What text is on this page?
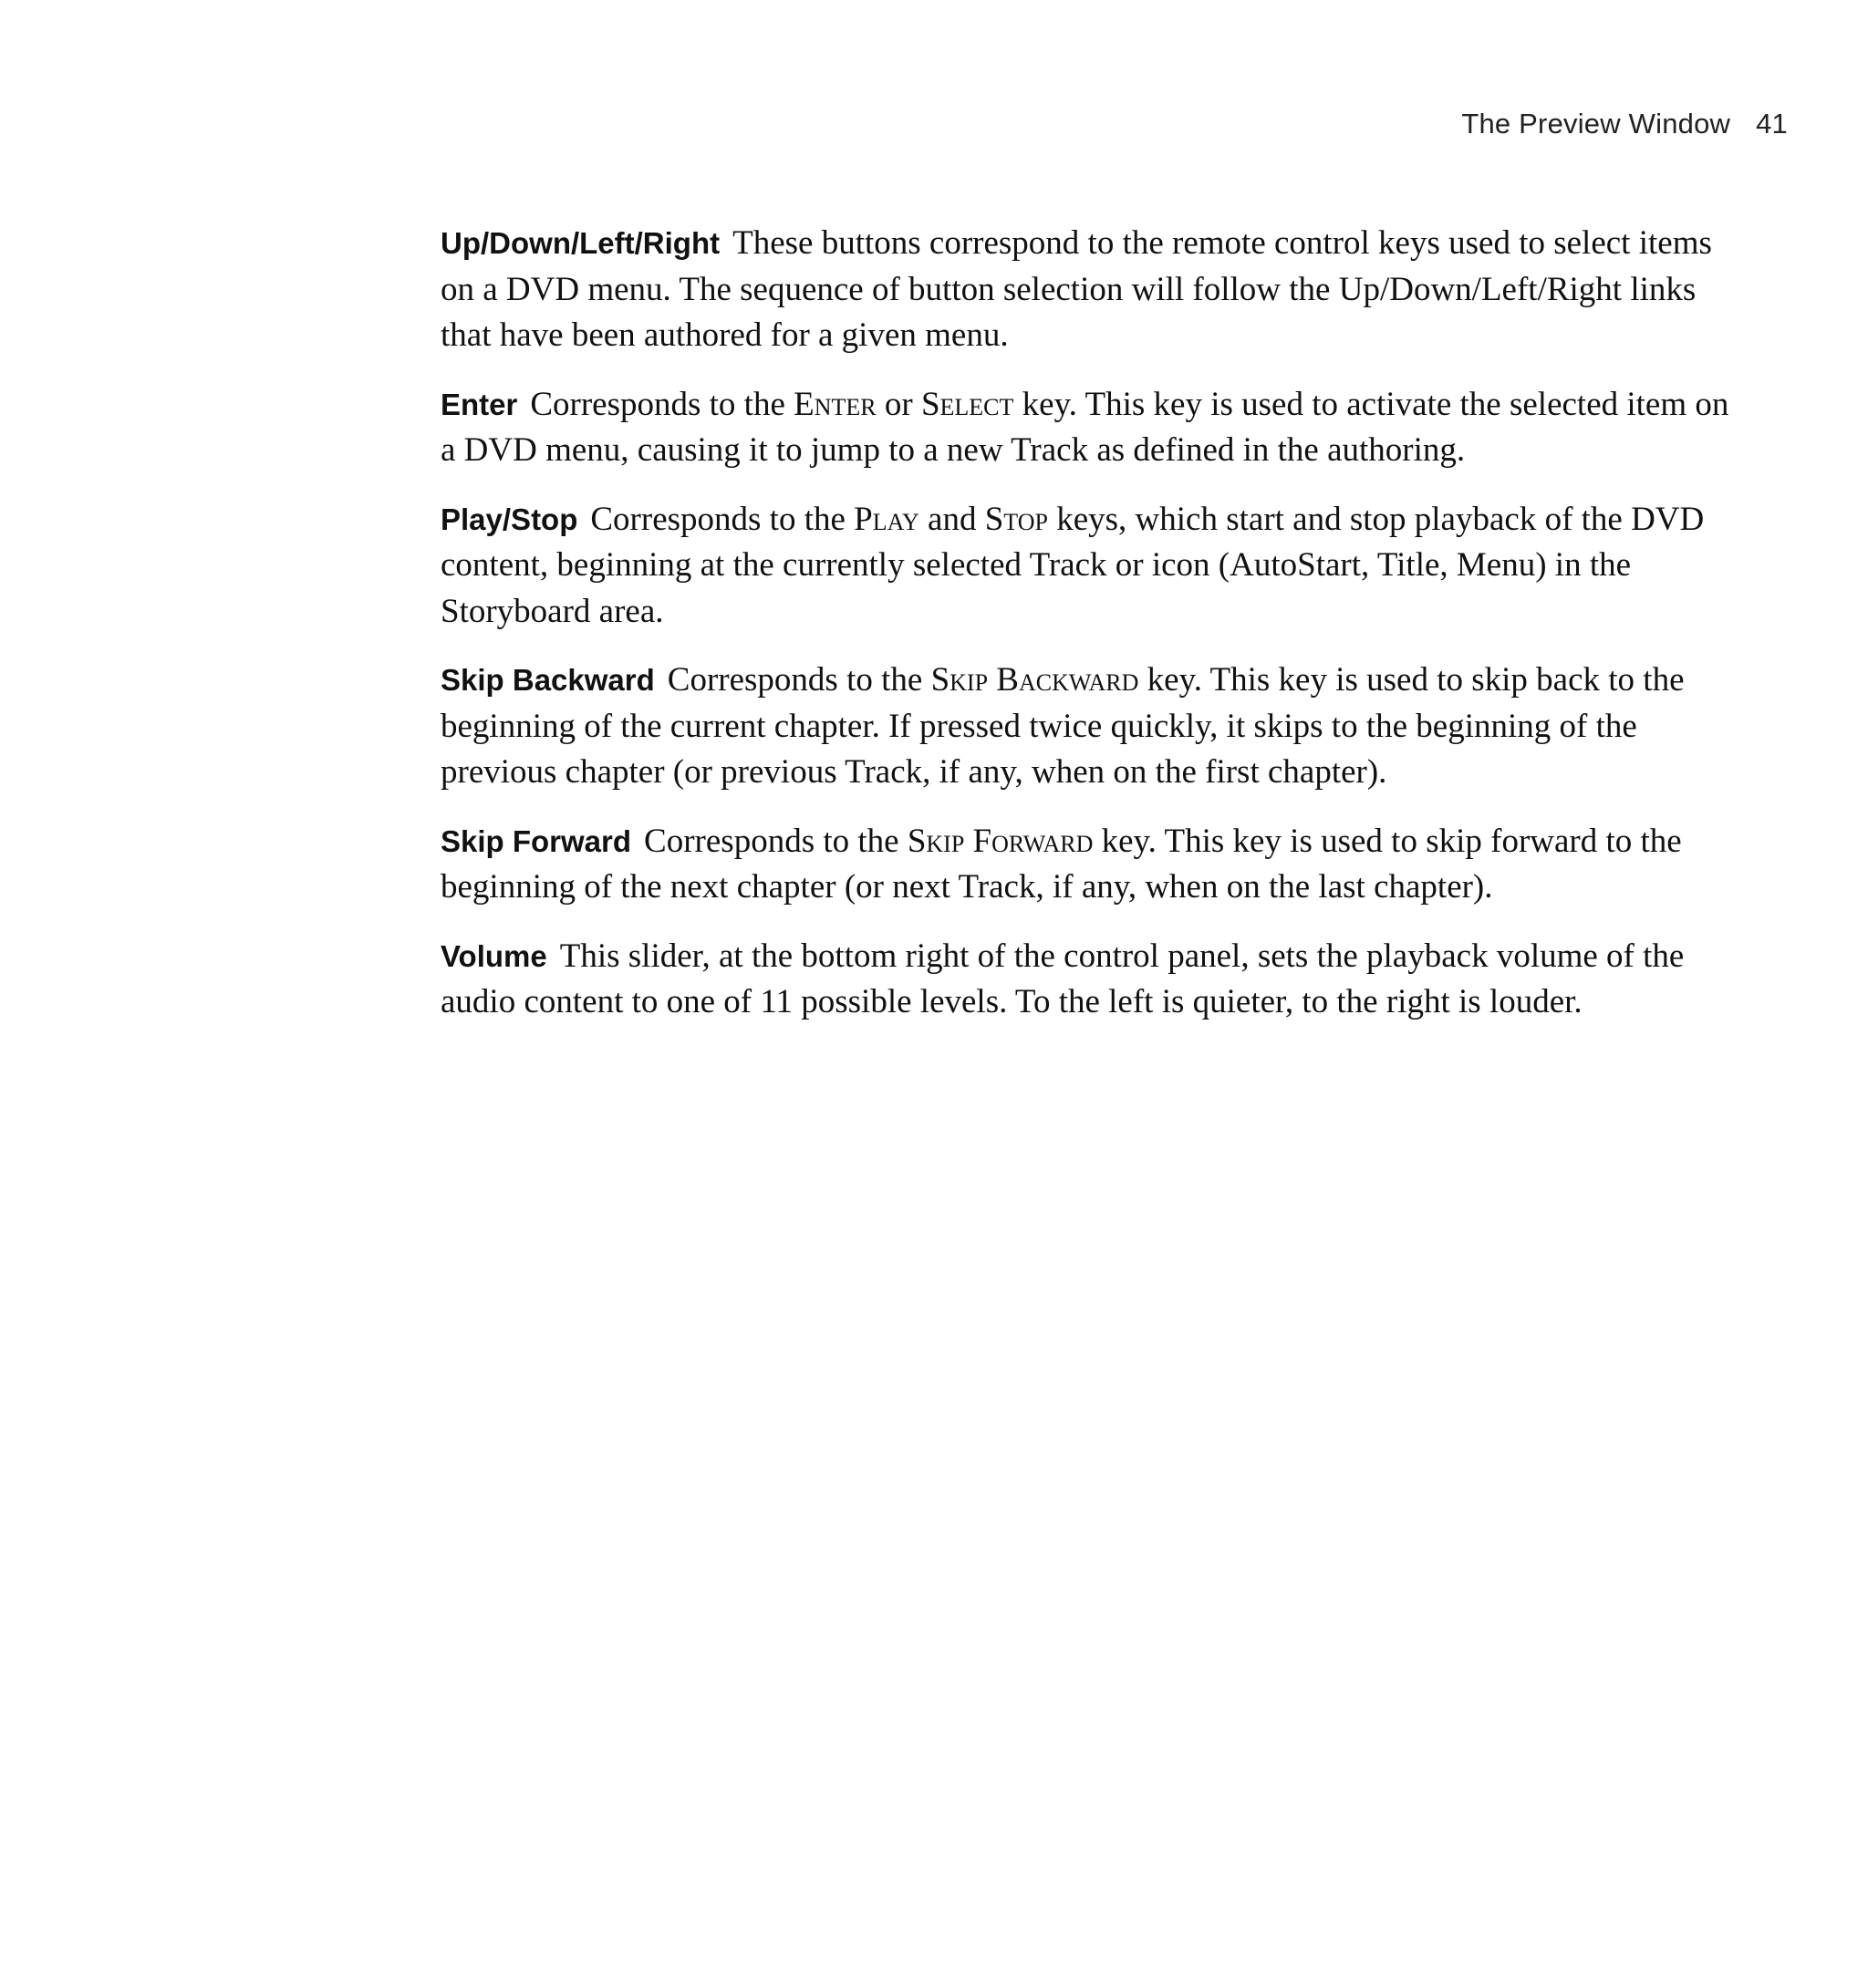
The Preview Window 41

Up/Down/Left/Right These buttons correspond to the remote control keys used to select items on a DVD menu. The sequence of button selection will follow the Up/Down/Left/Right links that have been authored for a given menu.

Enter Corresponds to the Enter or Select key. This key is used to activate the selected item on a DVD menu, causing it to jump to a new Track as defined in the authoring.

Play/Stop Corresponds to the Play and Stop keys, which start and stop playback of the DVD content, beginning at the currently selected Track or icon (AutoStart, Title, Menu) in the Storyboard area.

Skip Backward Corresponds to the Skip Backward key. This key is used to skip back to the beginning of the current chapter. If pressed twice quickly, it skips to the beginning of the previous chapter (or previous Track, if any, when on the first chapter).

Skip Forward Corresponds to the Skip Forward key. This key is used to skip forward to the beginning of the next chapter (or next Track, if any, when on the last chapter).

Volume This slider, at the bottom right of the control panel, sets the playback volume of the audio content to one of 11 possible levels. To the left is quieter, to the right is louder.
